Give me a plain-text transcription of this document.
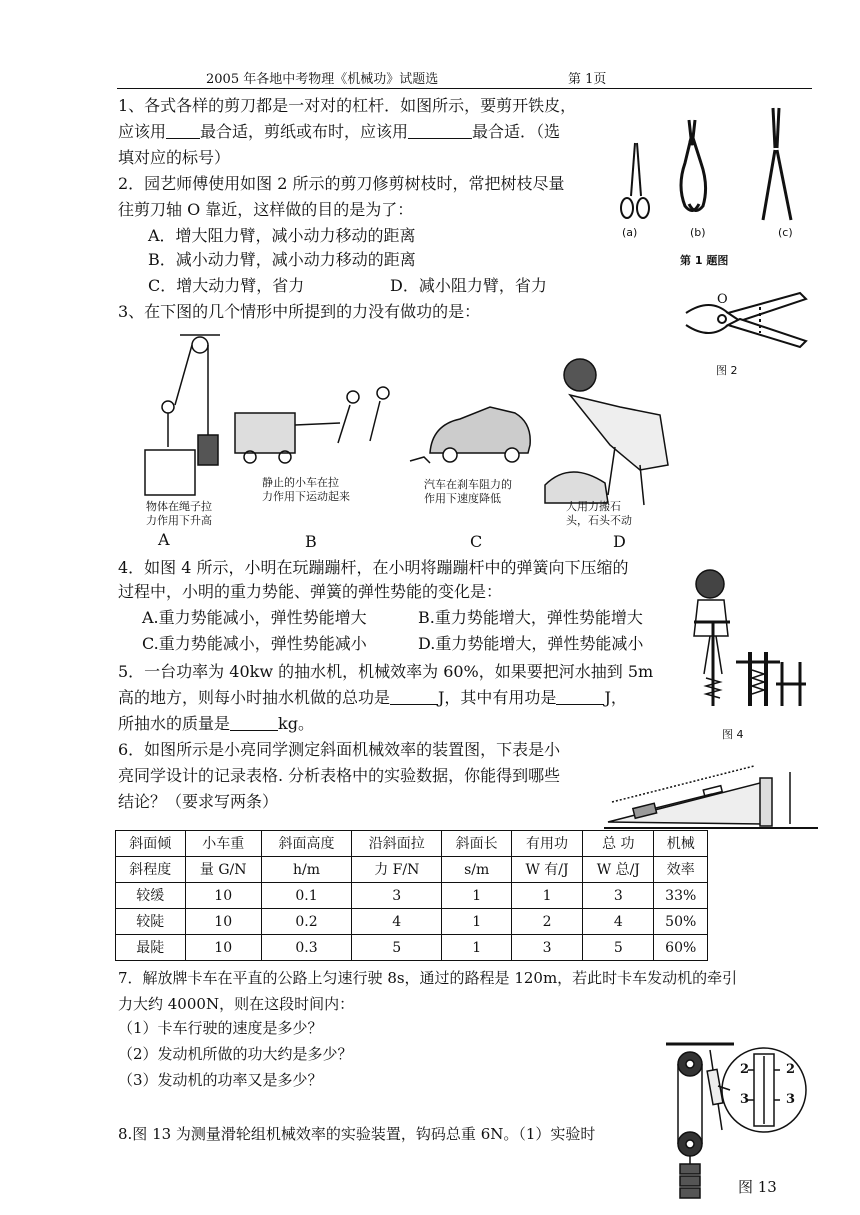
2005 年各地中考物理《机械功》试题选	第 1页
1、各式各样的剪刀都是一对对的杠杆．如图所示，要剪开铁皮，
应该用 最合适，剪纸或布时，应该用	最合适．（选
填对应的标号）
(a)	(b)	(c)
第 1 题图
2．园艺师傅使用如图 2 所示的剪刀修剪树枝时，常把树枝尽量
往剪刀轴 O 靠近，这样做的目的是为了：
A．增大阻力臂，减小动力移动的距离
B．减小动力臂，减小动力移动的距离
C．增大动力臂，省力	D．减小阻力臂，省力
O
图 2
3、在下图的几个情形中所提到的力没有做功的是：
物体在绳子拉
力作用下升高
静止的小车在拉
力作用下运动起来
汽车在刹车阻力的
作用下速度降低
人用力搬石
头，石头不动
A	B	C	D
4．如图 4 所示，小明在玩蹦蹦杆，在小明将蹦蹦杆中的弹簧向下压缩的
过程中，小明的重力势能、弹簧的弹性势能的变化是：
A.重力势能减小，弹性势能增大	B.重力势能增大，弹性势能增大
C.重力势能减小，弹性势能减小	D.重力势能增大，弹性势能减小
图 4
5．一台功率为 40kw 的抽水机，机械效率为 60%，如果要把河水抽到 5m
高的地方，则每小时抽水机做的总功是	J，其中有用功是	J，
所抽水的质量是	kg。
6．如图所示是小亮同学测定斜面机械效率的装置图，下表是小
亮同学设计的记录表格. 分析表格中的实验数据，你能得到哪些
结论？（要求写两条）
斜面倾	小车重	斜面高度	沿斜面拉	斜面长	有用功	总 功	机械
斜程度	量 G/N	h/m	力 F/N	s/m	W 有/J	W 总/J	效率
较缓	10	0.1	3	1	1	3	33%
较陡	10	0.2	4	1	2	4	50%
最陡	10	0.3	5	1	3	5	60%
7．解放牌卡车在平直的公路上匀速行驶 8s，通过的路程是 120m，若此时卡车发动机的牵引
力大约 4000N，则在这段时间内：
（1）卡车行驶的速度是多少？
（2）发动机所做的功大约是多少？
（3）发动机的功率又是多少？
8.图 13 为测量滑轮组机械效率的实验装置，钩码总重 6N。（1）实验时
2	2
3	3
图 13
